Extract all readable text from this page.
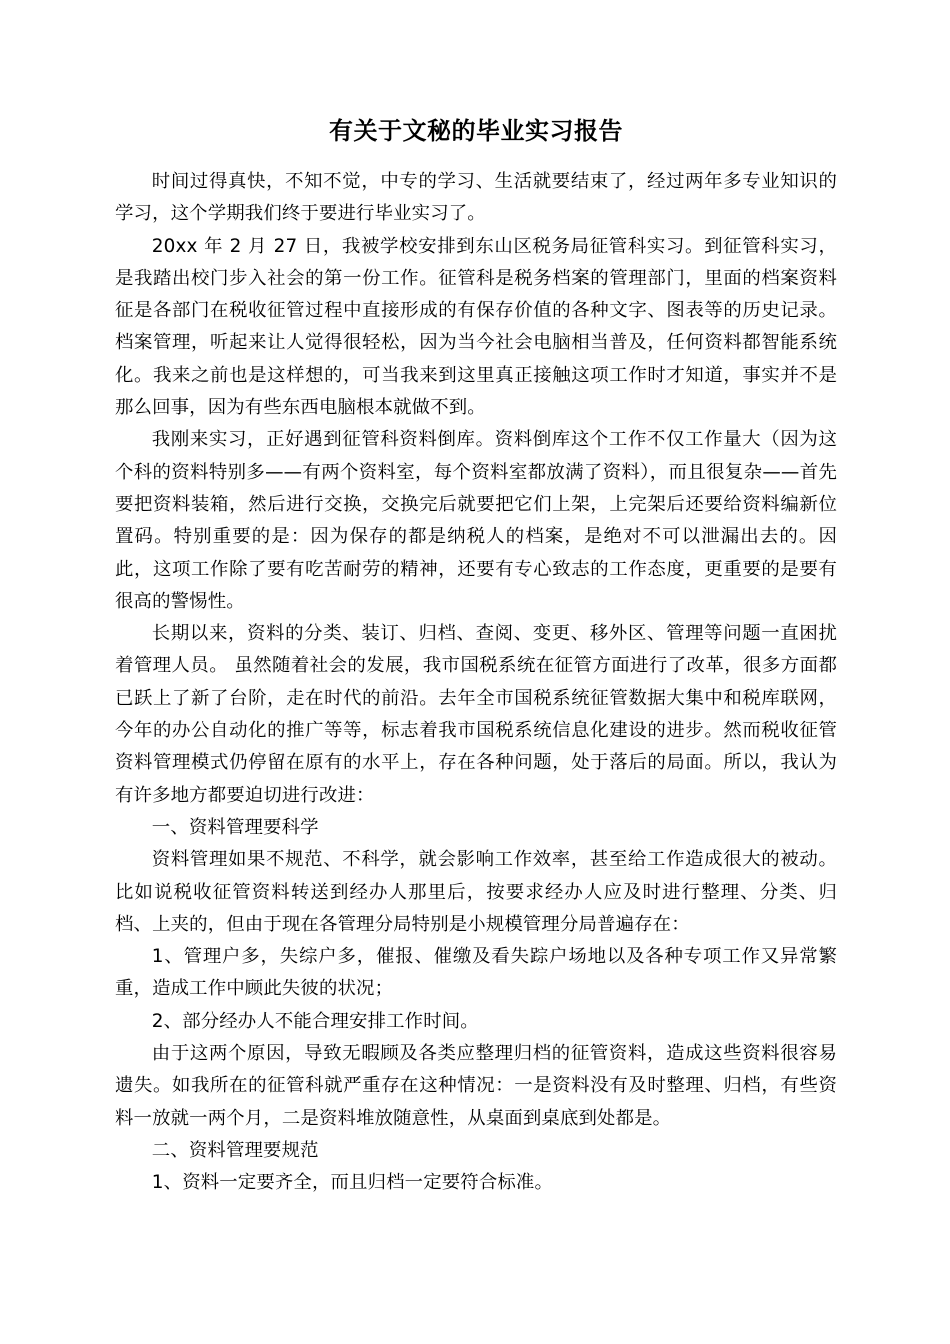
有关于文秘的毕业实习报告

时间过得真快，不知不觉，中专的学习、生活就要结束了，经过两年多专业知识的学习，这个学期我们终于要进行毕业实习了。

20xx 年 2 月 27 日，我被学校安排到东山区税务局征管科实习。到征管科实习，是我踏出校门步入社会的第一份工作。征管科是税务档案的管理部门，里面的档案资料征是各部门在税收征管过程中直接形成的有保存价值的各种文字、图表等的历史记录。档案管理，听起来让人觉得很轻松，因为当今社会电脑相当普及，任何资料都智能系统化。我来之前也是这样想的，可当我来到这里真正接触这项工作时才知道，事实并不是那么回事，因为有些东西电脑根本就做不到。

我刚来实习，正好遇到征管科资料倒库。资料倒库这个工作不仅工作量大（因为这个科的资料特别多——有两个资料室，每个资料室都放满了资料），而且很复杂——首先要把资料装箱，然后进行交换，交换完后就要把它们上架，上完架后还要给资料编新位置码。特别重要的是：因为保存的都是纳税人的档案，是绝对不可以泄漏出去的。因此，这项工作除了要有吃苦耐劳的精神，还要有专心致志的工作态度，更重要的是要有很高的警惕性。

长期以来，资料的分类、装订、归档、查阅、变更、移外区、管理等问题一直困扰着管理人员。 虽然随着社会的发展，我市国税系统在征管方面进行了改革，很多方面都已跃上了新了台阶，走在时代的前沿。去年全市国税系统征管数据大集中和税库联网，今年的办公自动化的推广等等，标志着我市国税系统信息化建设的进步。然而税收征管资料管理模式仍停留在原有的水平上，存在各种问题，处于落后的局面。所以，我认为有许多地方都要迫切进行改进：

一、资料管理要科学

资料管理如果不规范、不科学，就会影响工作效率，甚至给工作造成很大的被动。比如说税收征管资料转送到经办人那里后，按要求经办人应及时进行整理、分类、归档、上夹的，但由于现在各管理分局特别是小规模管理分局普遍存在：

1、管理户多，失综户多，催报、催缴及看失踪户场地以及各种专项工作又异常繁重，造成工作中顾此失彼的状况；

2、部分经办人不能合理安排工作时间。

由于这两个原因，导致无暇顾及各类应整理归档的征管资料，造成这些资料很容易遗失。如我所在的征管科就严重存在这种情况：一是资料没有及时整理、归档，有些资料一放就一两个月，二是资料堆放随意性，从桌面到桌底到处都是。

二、资料管理要规范

1、资料一定要齐全，而且归档一定要符合标准。
